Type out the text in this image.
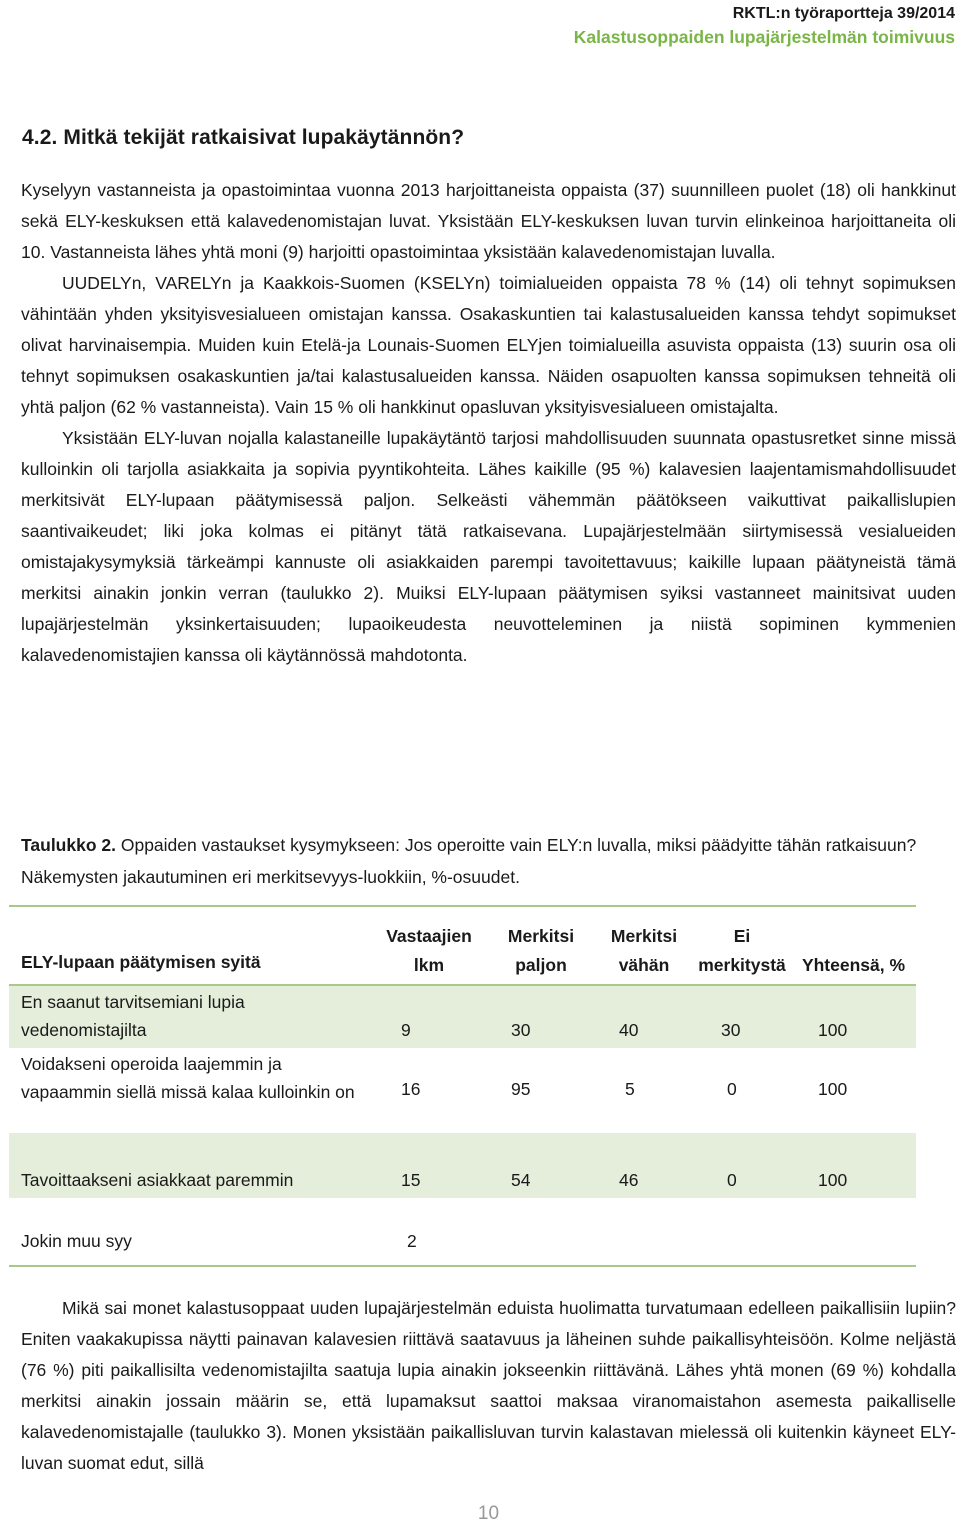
RKTL:n työraportteja 39/2014
Kalastusoppaiden lupajärjestelmän toimivuus
4.2. Mitkä tekijät ratkaisivat lupakäytännön?

Kyselyyn vastanneista ja opastoimintaa vuonna 2013 harjoittaneista oppaista (37) suunnilleen puolet (18) oli hankkinut sekä ELY-keskuksen että kalavedenomistajan luvat. Yksistään ELY-keskuksen luvan turvin elinkeinoa harjoittaneita oli 10. Vastanneista lähes yhtä moni (9) harjoitti opastoimintaa yksistään kalavedenomistajan luvalla.

UUDELYn, VARELYn ja Kaakkois-Suomen (KSELYn) toimialueiden oppaista 78 % (14) oli tehnyt sopimuksen vähintään yhden yksityisvesialueen omistajan kanssa. Osakaskuntien tai kalastusalueiden kanssa tehdyt sopimukset olivat harvinaisempia. Muiden kuin Etelä-ja Lounais-Suomen ELYjen toimialueilla asuvista oppaista (13) suurin osa oli tehnyt sopimuksen osakaskuntien ja/tai kalastusalueiden kanssa. Näiden osapuolten kanssa sopimuksen tehneitä oli yhtä paljon (62 % vastanneista). Vain 15 % oli hankkinut opasluvan yksityisvesialueen omistajalta.

Yksistään ELY-luvan nojalla kalastaneille lupakäytäntö tarjosi mahdollisuuden suunnata opastusretket sinne missä kulloinkin oli tarjolla asiakkaita ja sopivia pyyntikohteita. Lähes kaikille (95 %) kalavesien laajentamismahdollisuudet merkitsivät ELY-lupaan päätymisessä paljon. Selkeästi vähemmän päätökseen vaikuttivat paikallislupien saantivaikeudet; liki joka kolmas ei pitänyt tätä ratkaisevana. Lupajärjestelmään siirtymisessä vesialueiden omistajakysymyksiä tärkeämpi kannuste oli asiakkaiden parempi tavoitettavuus; kaikille lupaan päätyneistä tämä merkitsi ainakin jonkin verran (taulukko 2). Muiksi ELY-lupaan päätymisen syiksi vastanneet mainitsivat uuden lupajärjestelmän yksinkertaisuuden; lupaoikeudesta neuvotteleminen ja niistä sopiminen kymmenien kalavedenomistajien kanssa oli käytännössä mahdotonta.

Taulukko 2. Oppaiden vastaukset kysymykseen: Jos operoitte vain ELY:n luvalla, miksi päädyitte tähän ratkaisuun? Näkemysten jakautuminen eri merkitsevyys-luokkiin, %-osuudet.
ELY-lupaan päätymisen syitä	Vastaajien lkm	Merkitsi paljon	Merkitsi vähän	Ei merkitystä	Yhteensä, %
En saanut tarvitsemiani lupia vedenomistajilta	9	30	40	30	100
Voidakseni operoida laajemmin ja vapaammin siellä missä kalaa kulloinkin on	16	95	5	0	100
Tavoittaakseni asiakkaat paremmin	15	54	46	0	100
Jokin muu syy	2				

Mikä sai monet kalastusoppaat uuden lupajärjestelmän eduista huolimatta turvatumaan edelleen paikallisiin lupiin? Eniten vaakakupissa näytti painavan kalavesien riittävä saatavuus ja läheinen suhde paikallisyhteisöön. Kolme neljästä (76 %) piti paikallisilta vedenomistajilta saatuja lupia ainakin jokseenkin riittävänä. Lähes yhtä monen (69 %) kohdalla merkitsi ainakin jossain määrin se, että lupamaksut saattoi maksaa viranomaistahon asemesta paikalliselle kalavedenomistajalle (taulukko 3). Monen yksistään paikallisluvan turvin kalastavan mielessä oli kuitenkin käyneet ELY-luvan suomat edut, sillä

10
